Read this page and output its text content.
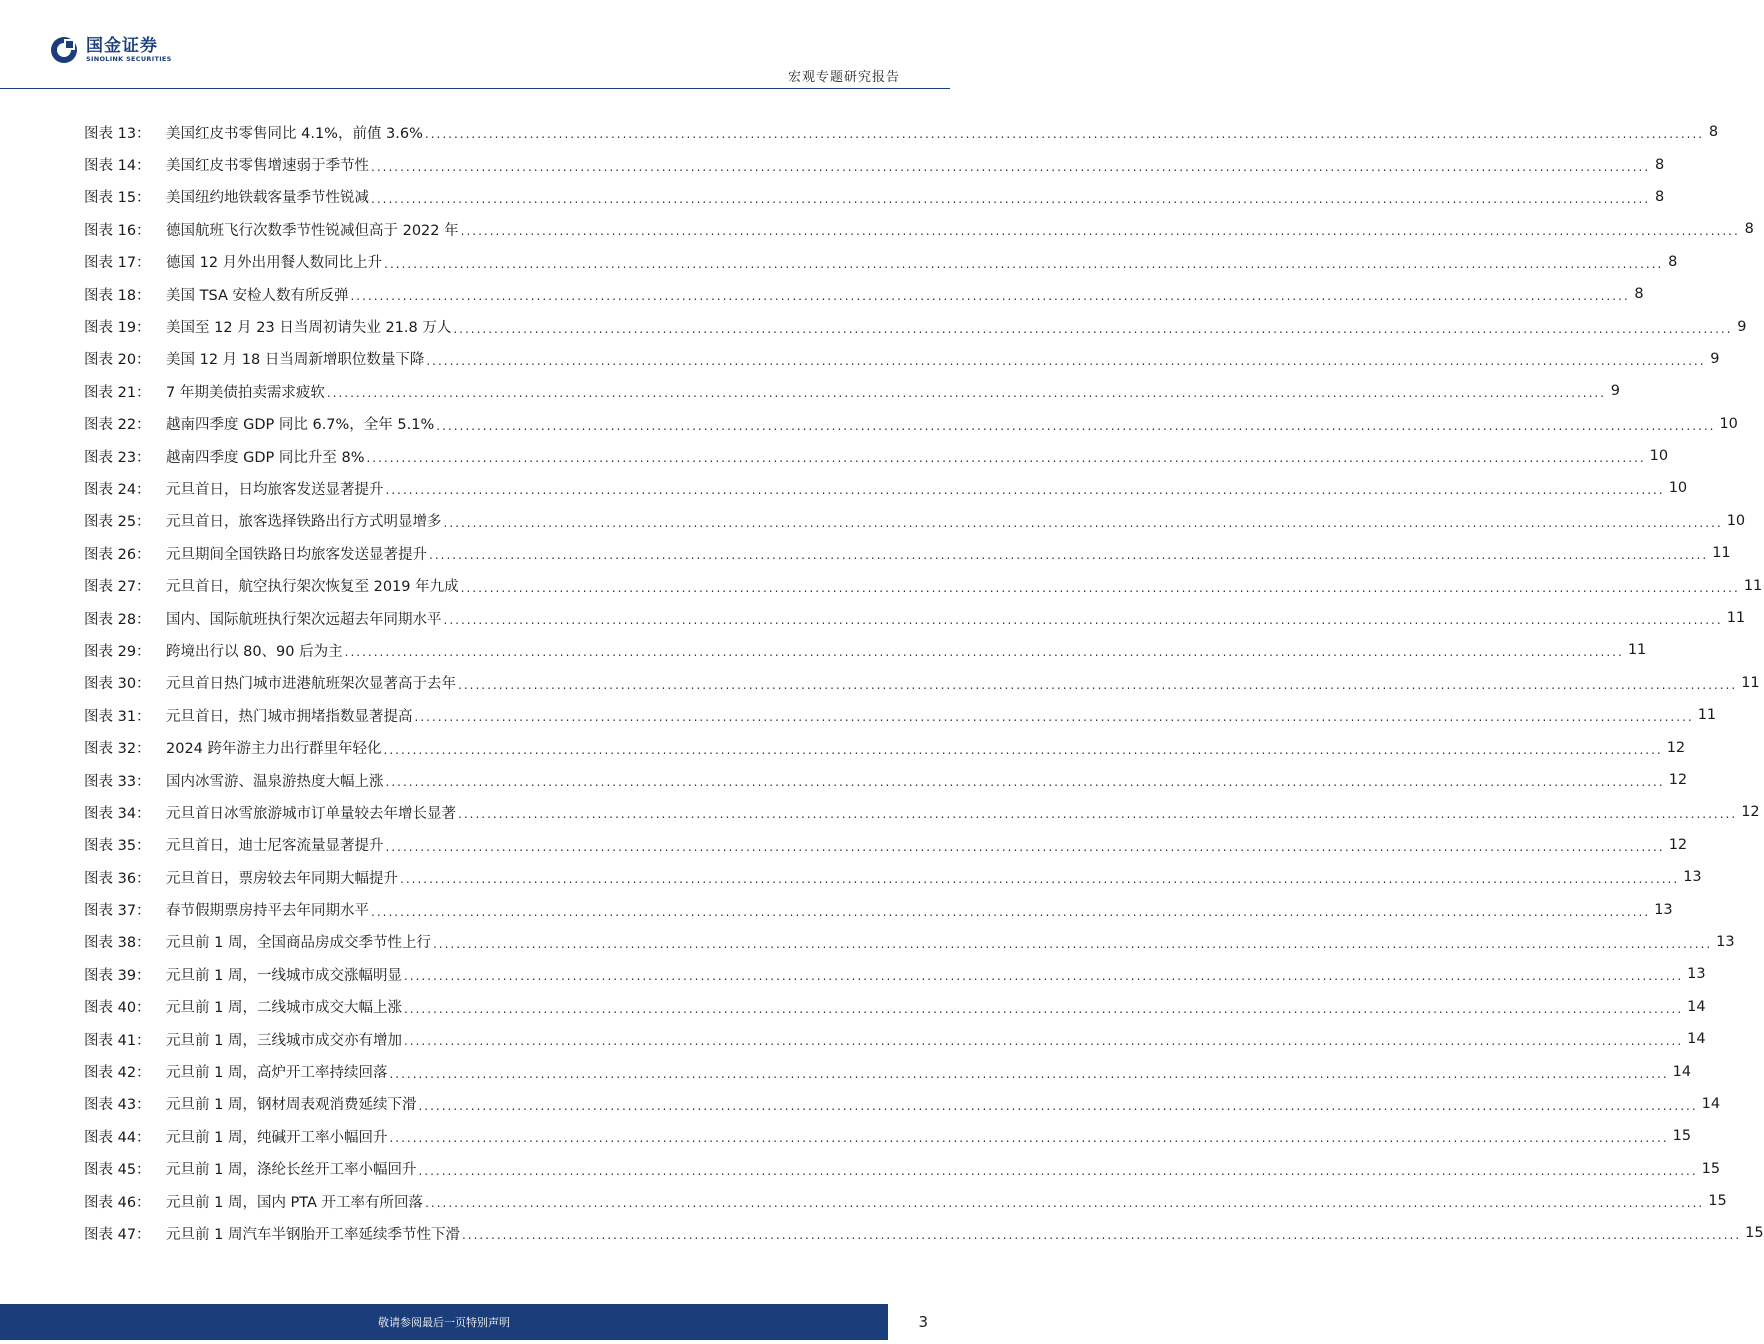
国金证券
SINOLINK SECURITIES
宏观专题研究报告
图表 13：	美国红皮书零售同比 4.1%，前值 3.6% ............................................................................................................................................................................................................................ 8
图表 14：	美国红皮书零售增速弱于季节性 ............................................................................................................................................................................................................................ 8
图表 15：	美国纽约地铁载客量季节性锐减 ............................................................................................................................................................................................................................ 8
图表 16：	德国航班飞行次数季节性锐减但高于 2022 年 ............................................................................................................................................................................................................................ 8
图表 17：	德国 12 月外出用餐人数同比上升 ............................................................................................................................................................................................................................ 8
图表 18：	美国 TSA 安检人数有所反弹 ............................................................................................................................................................................................................................ 8
图表 19：	美国至 12 月 23 日当周初请失业 21.8 万人 ............................................................................................................................................................................................................................ 9
图表 20：	美国 12 月 18 日当周新增职位数量下降 ............................................................................................................................................................................................................................ 9
图表 21：	7 年期美债拍卖需求疲软 ............................................................................................................................................................................................................................ 9
图表 22：	越南四季度 GDP 同比 6.7%，全年 5.1% ............................................................................................................................................................................................................................ 10
图表 23：	越南四季度 GDP 同比升至 8% ............................................................................................................................................................................................................................ 10
图表 24：	元旦首日，日均旅客发送显著提升 ............................................................................................................................................................................................................................ 10
图表 25：	元旦首日，旅客选择铁路出行方式明显增多 ............................................................................................................................................................................................................................ 10
图表 26：	元旦期间全国铁路日均旅客发送显著提升 ............................................................................................................................................................................................................................ 11
图表 27：	元旦首日，航空执行架次恢复至 2019 年九成 ............................................................................................................................................................................................................................ 11
图表 28：	国内、国际航班执行架次远超去年同期水平 ............................................................................................................................................................................................................................ 11
图表 29：	跨境出行以 80、90 后为主 ............................................................................................................................................................................................................................ 11
图表 30：	元旦首日热门城市进港航班架次显著高于去年 ............................................................................................................................................................................................................................ 11
图表 31：	元旦首日，热门城市拥堵指数显著提高 ............................................................................................................................................................................................................................ 11
图表 32：	2024 跨年游主力出行群里年轻化 ............................................................................................................................................................................................................................ 12
图表 33：	国内冰雪游、温泉游热度大幅上涨 ............................................................................................................................................................................................................................ 12
图表 34：	元旦首日冰雪旅游城市订单量较去年增长显著 ............................................................................................................................................................................................................................ 12
图表 35：	元旦首日，迪士尼客流量显著提升 ............................................................................................................................................................................................................................ 12
图表 36：	元旦首日，票房较去年同期大幅提升 ............................................................................................................................................................................................................................ 13
图表 37：	春节假期票房持平去年同期水平 ............................................................................................................................................................................................................................ 13
图表 38：	元旦前 1 周，全国商品房成交季节性上行 ............................................................................................................................................................................................................................ 13
图表 39：	元旦前 1 周，一线城市成交涨幅明显 ............................................................................................................................................................................................................................ 13
图表 40：	元旦前 1 周，二线城市成交大幅上涨 ............................................................................................................................................................................................................................ 14
图表 41：	元旦前 1 周，三线城市成交亦有增加 ............................................................................................................................................................................................................................ 14
图表 42：	元旦前 1 周，高炉开工率持续回落 ............................................................................................................................................................................................................................ 14
图表 43：	元旦前 1 周，钢材周表观消费延续下滑 ............................................................................................................................................................................................................................ 14
图表 44：	元旦前 1 周，纯碱开工率小幅回升 ............................................................................................................................................................................................................................ 15
图表 45：	元旦前 1 周，涤纶长丝开工率小幅回升 ............................................................................................................................................................................................................................ 15
图表 46：	元旦前 1 周，国内 PTA 开工率有所回落 ............................................................................................................................................................................................................................ 15
图表 47：	元旦前 1 周汽车半钢胎开工率延续季节性下滑 ............................................................................................................................................................................................................................ 15
敬请参阅最后一页特别声明	3
